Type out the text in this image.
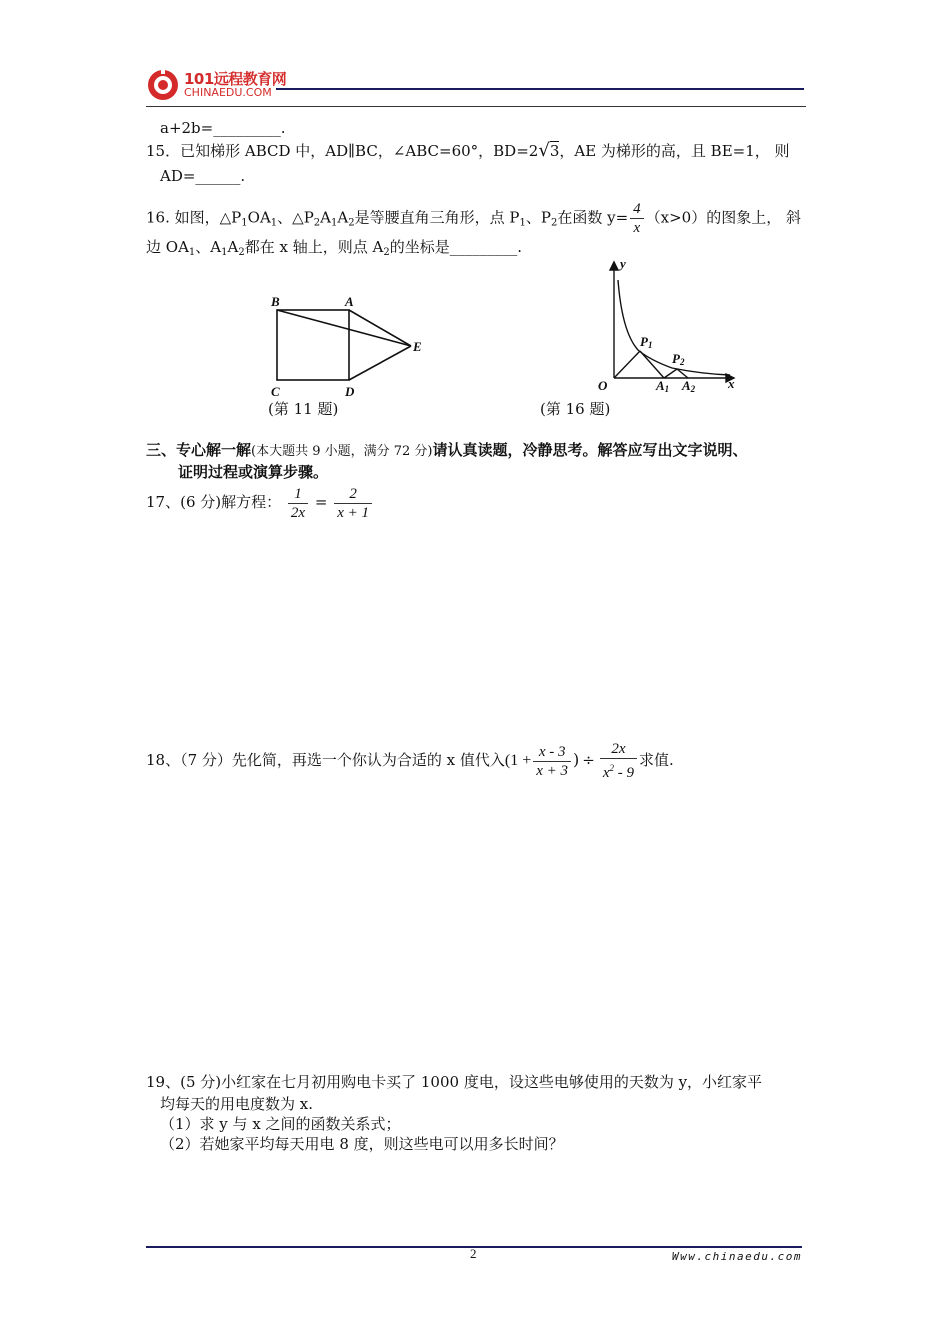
101远程教育网
CHINAEDU.COM
a+2b=_________.
15．已知梯形 ABCD 中，AD∥BC，∠ABC=60°，BD=2√3，AE 为梯形的高，且 BE=1， 则
AD=______.
16. 如图，$\triangle P_1OA_1$、$\triangle P_2A_1A_2$是等腰直角三角形，点 $P_1$、$P_2$在函数 $y= \frac{4}{x} (x>0)$的图象上， 斜
边 $OA_1$、$A_1A_2$都在 x 轴上，则点 $A_2$的坐标是_________.
B	A
E
C	D
(第 11 题)
y
x
O
P1
P2
A1 A2
(第 16 题)
三、专心解一解(本大题共 9 小题，满分 72 分)请认真读题，冷静思考。解答应写出文字说明、
证明过程或演算步骤。
17、(6 分)解方程： $\frac{1}{2x} = \frac{2}{x + 1}$
18、（7 分）先化简，再选一个你认为合适的 x 值代入($1 + \frac{x - 3}{x + 3}$ ) ÷ $\frac{2x}{x^2 - 9}$ 求值.
19、(5 分)小红家在七月初用购电卡买了 1000 度电，设这些电够使用的天数为 y，小红家平
均每天的用电度数为 x.
（1）求 y 与 x 之间的函数关系式；
（2）若她家平均每天用电 8 度，则这些电可以用多长时间？
2	Www.chinaedu.com
